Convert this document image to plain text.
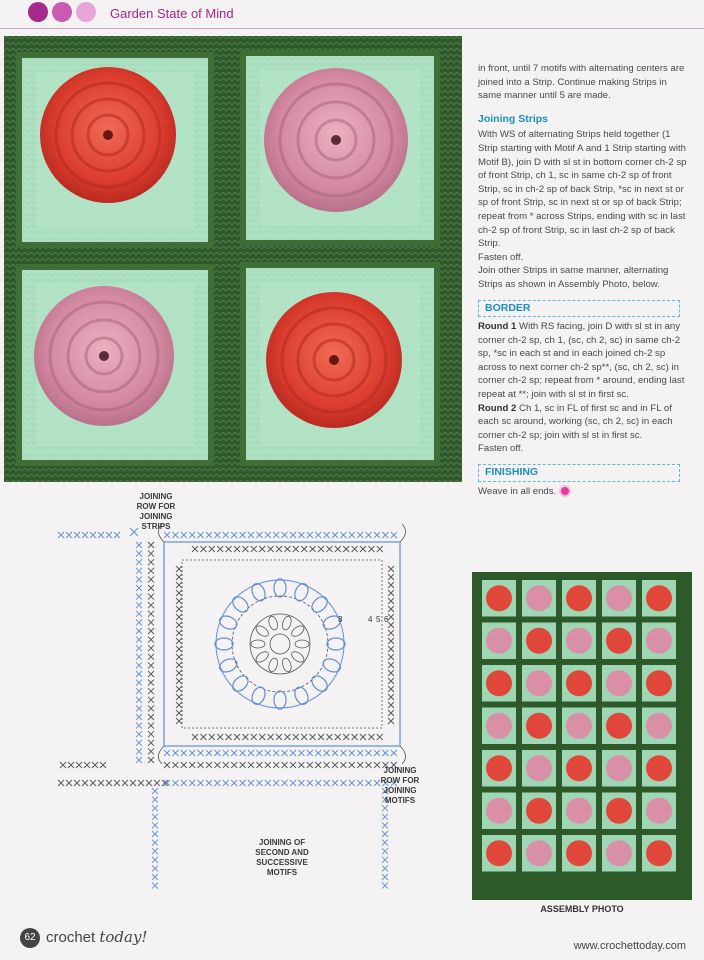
Garden State of Mind

in front, until 7 motifs with alternating centers are joined into a Strip. Continue making Strips in same manner until 5 are made.

Joining Strips

With WS of alternating Strips held together (1 Strip starting with Motif A and 1 Strip starting with Motif B), join D with sl st in bottom corner ch-2 sp of front Strip, ch 1, sc in same ch-2 sp of front Strip, sc in ch-2 sp of back Strip, *sc in next st or sp of front Strip, sc in next st or sp of back Strip; repeat from * across Strips, ending with sc in last ch-2 sp of front Strip, sc in last ch-2 sp of back Strip.

Fasten off.

Join other Strips in same manner, alternating Strips as shown in Assembly Photo, below.

BORDER

Round 1 With RS facing, join D with sl st in any corner ch-2 sp, ch 1, (sc, ch 2, sc) in same ch-2 sp, *sc in each st and in each joined ch-2 sp across to next corner ch-2 sp**, (sc, ch 2, sc) in corner ch-2 sp; repeat from * around, ending last repeat at **; join with sl st in first sc.

Round 2 Ch 1, sc in FL of first sc and in FL of each sc around, working (sc, ch 2, sc) in each corner ch-2 sp; join with sl st in first sc.

Fasten off.

FINISHING

Weave in all ends.

3	4 5 6
JOINING
ROW FOR
JOINING
STRIPS
JOINING
ROW FOR
JOINING
MOTIFS
JOINING OF
SECOND AND
SUCCESSIVE
MOTIFS
ASSEMBLY PHOTO
62 crochet today!	www.crochettoday.com
